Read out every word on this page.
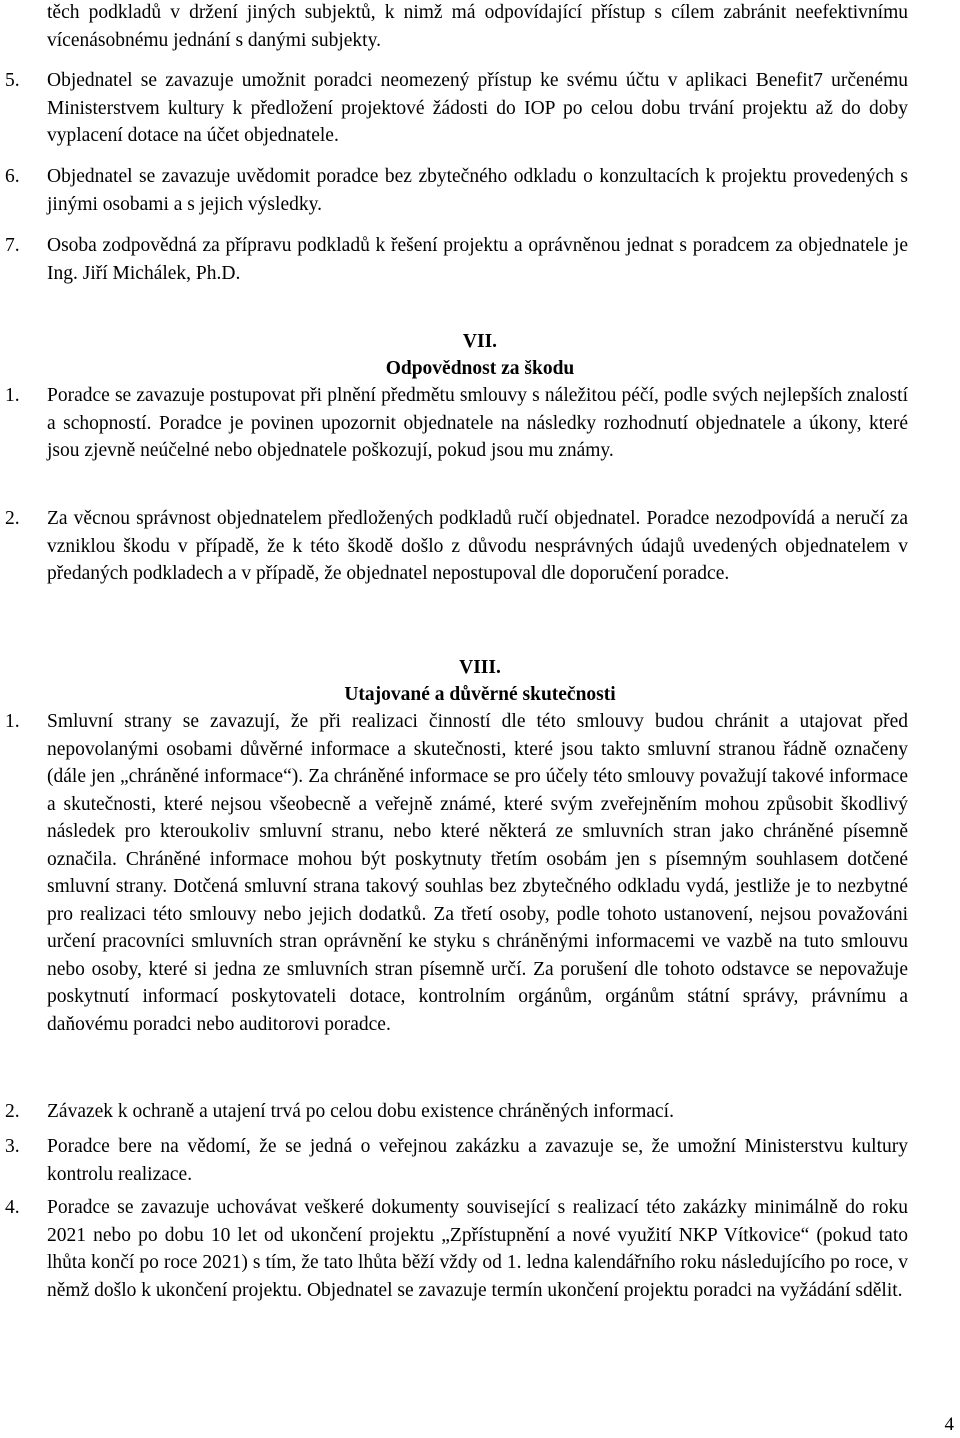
těch podkladů v držení jiných subjektů, k nimž má odpovídající přístup s cílem zabránit neefektivnímu vícenásobnému jednání s danými subjekty.
5. Objednatel se zavazuje umožnit poradci neomezený přístup ke svému účtu v aplikaci Benefit7 určenému Ministerstvem kultury k předložení projektové žádosti do IOP po celou dobu trvání projektu až do doby vyplacení dotace na účet objednatele.
6. Objednatel se zavazuje uvědomit poradce bez zbytečného odkladu o konzultacích k projektu provedených s jinými osobami a s jejich výsledky.
7. Osoba zodpovědná za přípravu podkladů k řešení projektu a oprávněnou jednat s poradcem za objednatele je Ing. Jiří Michálek, Ph.D.
VII.
Odpovědnost za škodu
1. Poradce se zavazuje postupovat při plnění předmětu smlouvy s náležitou péčí, podle svých nejlepších znalostí a schopností. Poradce je povinen upozornit objednatele na následky rozhodnutí objednatele a úkony, které jsou zjevně neúčelné nebo objednatele poškozují, pokud jsou mu známy.
2. Za věcnou správnost objednatelem předložených podkladů ručí objednatel. Poradce nezodpovídá a neručí za vzniklou škodu v případě, že k této škodě došlo z důvodu nesprávných údajů uvedených objednatelem v předaných podkladech a v případě, že objednatel nepostupoval dle doporučení poradce.
VIII.
Utajované a důvěrné skutečnosti
1. Smluvní strany se zavazují, že při realizaci činností dle této smlouvy budou chránit a utajovat před nepovolanými osobami důvěrné informace a skutečnosti, které jsou takto smluvní stranou řádně označeny (dále jen „chráněné informace“). Za chráněné informace se pro účely této smlouvy považují takové informace a skutečnosti, které nejsou všeobecně a veřejně známé, které svým zveřejněním mohou způsobit škodlivý následek pro kteroukoliv smluvní stranu, nebo které některá ze smluvních stran jako chráněné písemně označila. Chráněné informace mohou být poskytnuty třetím osobám jen s písemným souhlasem dotčené smluvní strany. Dotčená smluvní strana takový souhlas bez zbytečného odkladu vydá, jestliže je to nezbytné pro realizaci této smlouvy nebo jejich dodatků. Za třetí osoby, podle tohoto ustanovení, nejsou považováni určení pracovníci smluvních stran oprávnění ke styku s chráněnými informacemi ve vazbě na tuto smlouvu nebo osoby, které si jedna ze smluvních stran písemně určí. Za porušení dle tohoto odstavce se nepovažuje poskytnutí informací poskytovateli dotace, kontrolním orgánům, orgánům státní správy, právnímu a daňovému poradci nebo auditorovi poradce.
2. Závazek k ochraně a utajení trvá po celou dobu existence chráněných informací.
3. Poradce bere na vědomí, že se jedná o veřejnou zakázku a zavazuje se, že umožní Ministerstvu kultury kontrolu realizace.
4. Poradce se zavazuje uchovávat veškeré dokumenty související s realizací této zakázky minimálně do roku 2021 nebo po dobu 10 let od ukončení projektu „Zpřístupnění a nové využití NKP Vítkovice“ (pokud tato lhůta končí po roce 2021) s tím, že tato lhůta běží vždy od 1. ledna kalendářního roku následujícího po roce, v němž došlo k ukončení projektu. Objednatel se zavazuje termín ukončení projektu poradci na vyžádání sdělit.
4
